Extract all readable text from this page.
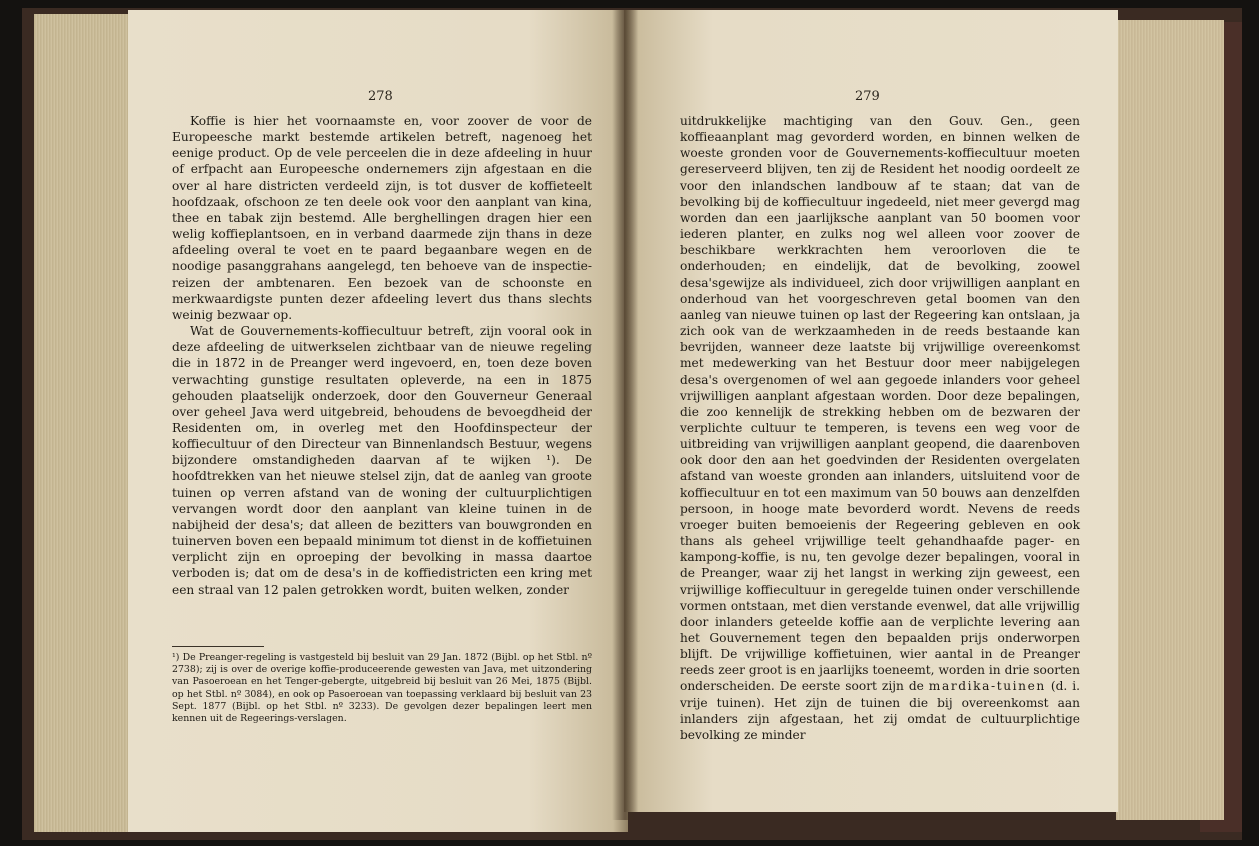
278

Koffie is hier het voornaamste en, voor zoover de voor de Europeesche markt bestemde artikelen betreft, nagenoeg het eenige product. Op de vele perceelen die in deze afdeeling in huur of erfpacht aan Europeesche ondernemers zijn afgestaan en die over al hare districten verdeeld zijn, is tot dusver de koffieteelt hoofdzaak, ofschoon ze ten deele ook voor den aanplant van kina, thee en tabak zijn bestemd. Alle berghellingen dragen hier een welig koffieplantsoen, en in verband daarmede zijn thans in deze afdeeling overal te voet en te paard begaanbare wegen en de noodige pasanggrahans aangelegd, ten behoeve van de inspectie-reizen der ambtenaren. Een bezoek van de schoonste en merkwaardigste punten dezer afdeeling levert dus thans slechts weinig bezwaar op.

Wat de Gouvernements-koffiecultuur betreft, zijn vooral ook in deze afdeeling de uitwerkselen zichtbaar van de nieuwe regeling die in 1872 in de Preanger werd ingevoerd, en, toen deze boven verwachting gunstige resultaten opleverde, na een in 1875 gehouden plaatselijk onderzoek, door den Gouverneur Generaal over geheel Java werd uitgebreid, behoudens de bevoegdheid der Residenten om, in overleg met den Hoofdinspecteur der koffiecultuur of den Directeur van Binnenlandsch Bestuur, wegens bijzondere omstandigheden daarvan af te wijken ¹). De hoofdtrekken van het nieuwe stelsel zijn, dat de aanleg van groote tuinen op verren afstand van de woning der cultuurplichtigen vervangen wordt door den aanplant van kleine tuinen in de nabijheid der desa's; dat alleen de bezitters van bouwgronden en tuinerven boven een bepaald minimum tot dienst in de koffietuinen verplicht zijn en oproeping der bevolking in massa daartoe verboden is; dat om de desa's in de koffiedistricten een kring met een straal van 12 palen getrokken wordt, buiten welken, zonder

¹) De Preanger-regeling is vastgesteld bij besluit van 29 Jan. 1872 (Bijbl. op het Stbl. nº 2738); zij is over de overige koffie-produceerende gewesten van Java, met uitzondering van Pasoeroean en het Tenger-gebergte, uitgebreid bij besluit van 26 Mei, 1875 (Bijbl. op het Stbl. nº 3084), en ook op Pasoeroean van toepassing verklaard bij besluit van 23 Sept. 1877 (Bijbl. op het Stbl. nº 3233). De gevolgen dezer bepalingen leert men kennen uit de Regeerings-verslagen.
279

uitdrukkelijke machtiging van den Gouv. Gen., geen koffieaanplant mag gevorderd worden, en binnen welken de woeste gronden voor de Gouvernements-koffiecultuur moeten gereserveerd blijven, ten zij de Resident het noodig oordeelt ze voor den inlandschen landbouw af te staan; dat van de bevolking bij de koffiecultuur ingedeeld, niet meer gevergd mag worden dan een jaarlijksche aanplant van 50 boomen voor iederen planter, en zulks nog wel alleen voor zoover de beschikbare werkkrachten hem veroorloven die te onderhouden; en eindelijk, dat de bevolking, zoowel desa'sgewijze als individueel, zich door vrijwilligen aanplant en onderhoud van het voorgeschreven getal boomen van den aanleg van nieuwe tuinen op last der Regeering kan ontslaan, ja zich ook van de werkzaamheden in de reeds bestaande kan bevrijden, wanneer deze laatste bij vrijwillige overeenkomst met medewerking van het Bestuur door meer nabijgelegen desa's overgenomen of wel aan gegoede inlanders voor geheel vrijwilligen aanplant afgestaan worden. Door deze bepalingen, die zoo kennelijk de strekking hebben om de bezwaren der verplichte cultuur te temperen, is tevens een weg voor de uitbreiding van vrijwilligen aanplant geopend, die daarenboven ook door den aan het goedvinden der Residenten overgelaten afstand van woeste gronden aan inlanders, uitsluitend voor de koffiecultuur en tot een maximum van 50 bouws aan denzelfden persoon, in hooge mate bevorderd wordt. Nevens de reeds vroeger buiten bemoeienis der Regeering gebleven en ook thans als geheel vrijwillige teelt gehandhaafde pager- en kampong-koffie, is nu, ten gevolge dezer bepalingen, vooral in de Preanger, waar zij het langst in werking zijn geweest, een vrijwillige koffiecultuur in geregelde tuinen onder verschillende vormen ontstaan, met dien verstande evenwel, dat alle vrijwillig door inlanders geteelde koffie aan de verplichte levering aan het Gouvernement tegen den bepaalden prijs onderworpen blijft. De vrijwillige koffietuinen, wier aantal in de Preanger reeds zeer groot is en jaarlijks toeneemt, worden in drie soorten onderscheiden. De eerste soort zijn de mardika-tuinen (d. i. vrije tuinen). Het zijn de tuinen die bij overeenkomst aan inlanders zijn afgestaan, het zij omdat de cultuurplichtige bevolking ze minder
